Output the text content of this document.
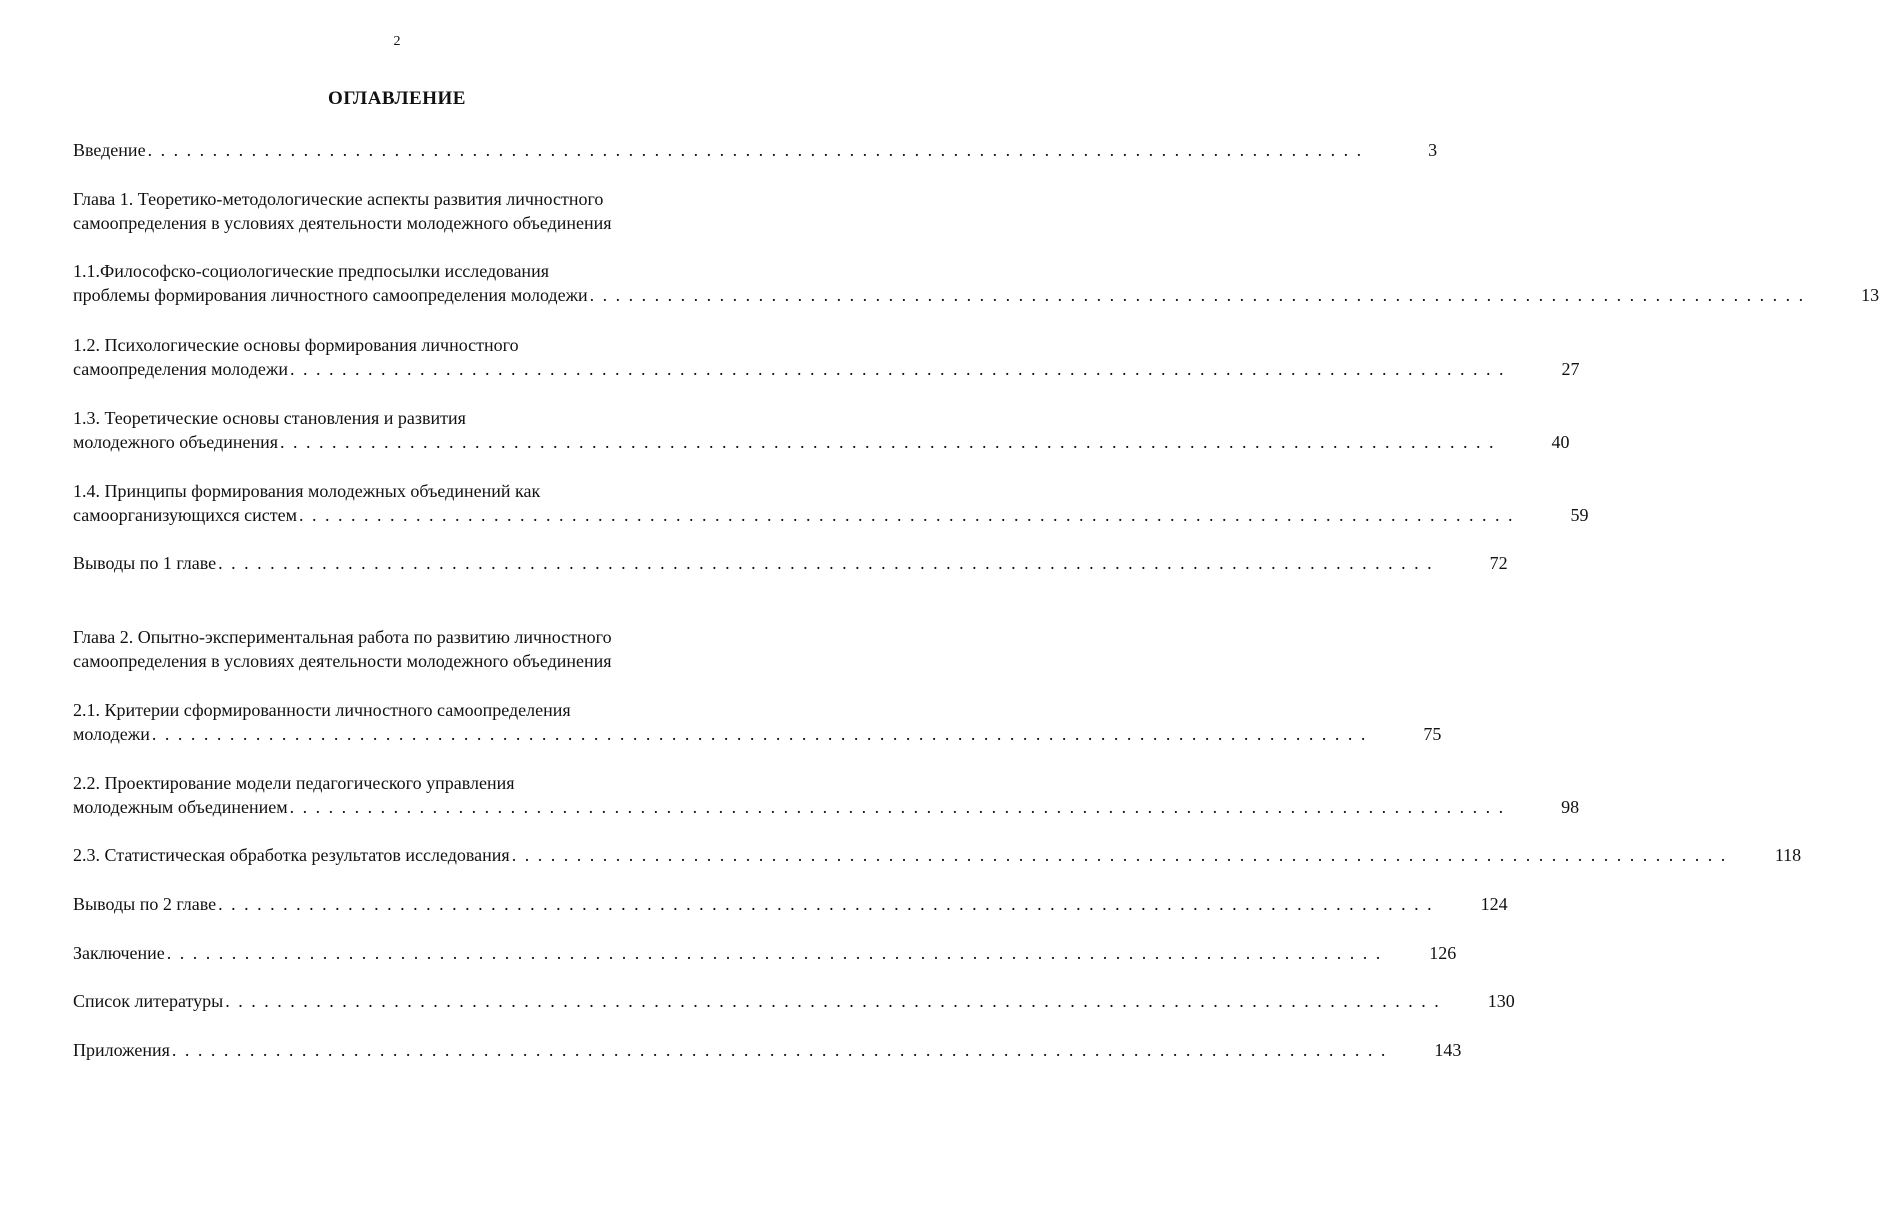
2
ОГЛАВЛЕНИЕ
Введение . . . . . . . . . . . . . . . . . . . . . . . . . . . . . . . . . . . . . . . . . . . . . . . . . . . . . . . . . . . . . . . . . . . . . . . . . . . . . . . . . . . . . . . . . . . . . .	3
Глава 1. Теоретико-методологические аспекты развития личностного
самоопределения в условиях деятельности молодежного объединения
1.1.Философско-социологические предпосылки исследования
проблемы формирования личностного самоопределения молодежи . . . . . . . . . . . . . . . . . . . . . . . . . . . . . . . . . . . . . . . . . . . . . . . . . . . . . . . . . . . . . . . . . . . . . . . . . . . . . . . . . . . . . . . . . . . . . .	13
1.2. Психологические основы формирования личностного
самоопределения молодежи . . . . . . . . . . . . . . . . . . . . . . . . . . . . . . . . . . . . . . . . . . . . . . . . . . . . . . . . . . . . . . . . . . . . . . . . . . . . . . . . . . . . . . . . . . . . . .	27
1.3. Теоретические основы становления и развития
молодежного объединения . . . . . . . . . . . . . . . . . . . . . . . . . . . . . . . . . . . . . . . . . . . . . . . . . . . . . . . . . . . . . . . . . . . . . . . . . . . . . . . . . . . . . . . . . . . . . .	40
1.4. Принципы формирования молодежных объединений как
самоорганизующихся систем . . . . . . . . . . . . . . . . . . . . . . . . . . . . . . . . . . . . . . . . . . . . . . . . . . . . . . . . . . . . . . . . . . . . . . . . . . . . . . . . . . . . . . . . . . . . . .	59
Выводы по 1 главе . . . . . . . . . . . . . . . . . . . . . . . . . . . . . . . . . . . . . . . . . . . . . . . . . . . . . . . . . . . . . . . . . . . . . . . . . . . . . . . . . . . . . . . . . . . . . .	72
Глава 2. Опытно-экспериментальная работа по развитию личностного
самоопределения в условиях деятельности молодежного объединения
2.1. Критерии сформированности личностного самоопределения
молодежи . . . . . . . . . . . . . . . . . . . . . . . . . . . . . . . . . . . . . . . . . . . . . . . . . . . . . . . . . . . . . . . . . . . . . . . . . . . . . . . . . . . . . . . . . . . . . .	75
2.2. Проектирование модели педагогического управления
молодежным объединением . . . . . . . . . . . . . . . . . . . . . . . . . . . . . . . . . . . . . . . . . . . . . . . . . . . . . . . . . . . . . . . . . . . . . . . . . . . . . . . . . . . . . . . . . . . . . .	98
2.3. Статистическая обработка результатов исследования . . . . . . . . . . . . . . . . . . . . . . . . . . . . . . . . . . . . . . . . . . . . . . . . . . . . . . . . . . . . . . . . . . . . . . . . . . . . . . . . . . . . . . . . . . . . . .	118
Выводы по 2 главе . . . . . . . . . . . . . . . . . . . . . . . . . . . . . . . . . . . . . . . . . . . . . . . . . . . . . . . . . . . . . . . . . . . . . . . . . . . . . . . . . . . . . . . . . . . . . .	124
Заключение . . . . . . . . . . . . . . . . . . . . . . . . . . . . . . . . . . . . . . . . . . . . . . . . . . . . . . . . . . . . . . . . . . . . . . . . . . . . . . . . . . . . . . . . . . . . . .	126
Список литературы . . . . . . . . . . . . . . . . . . . . . . . . . . . . . . . . . . . . . . . . . . . . . . . . . . . . . . . . . . . . . . . . . . . . . . . . . . . . . . . . . . . . . . . . . . . . . .	130
Приложения . . . . . . . . . . . . . . . . . . . . . . . . . . . . . . . . . . . . . . . . . . . . . . . . . . . . . . . . . . . . . . . . . . . . . . . . . . . . . . . . . . . . . . . . . . . . . .	143
